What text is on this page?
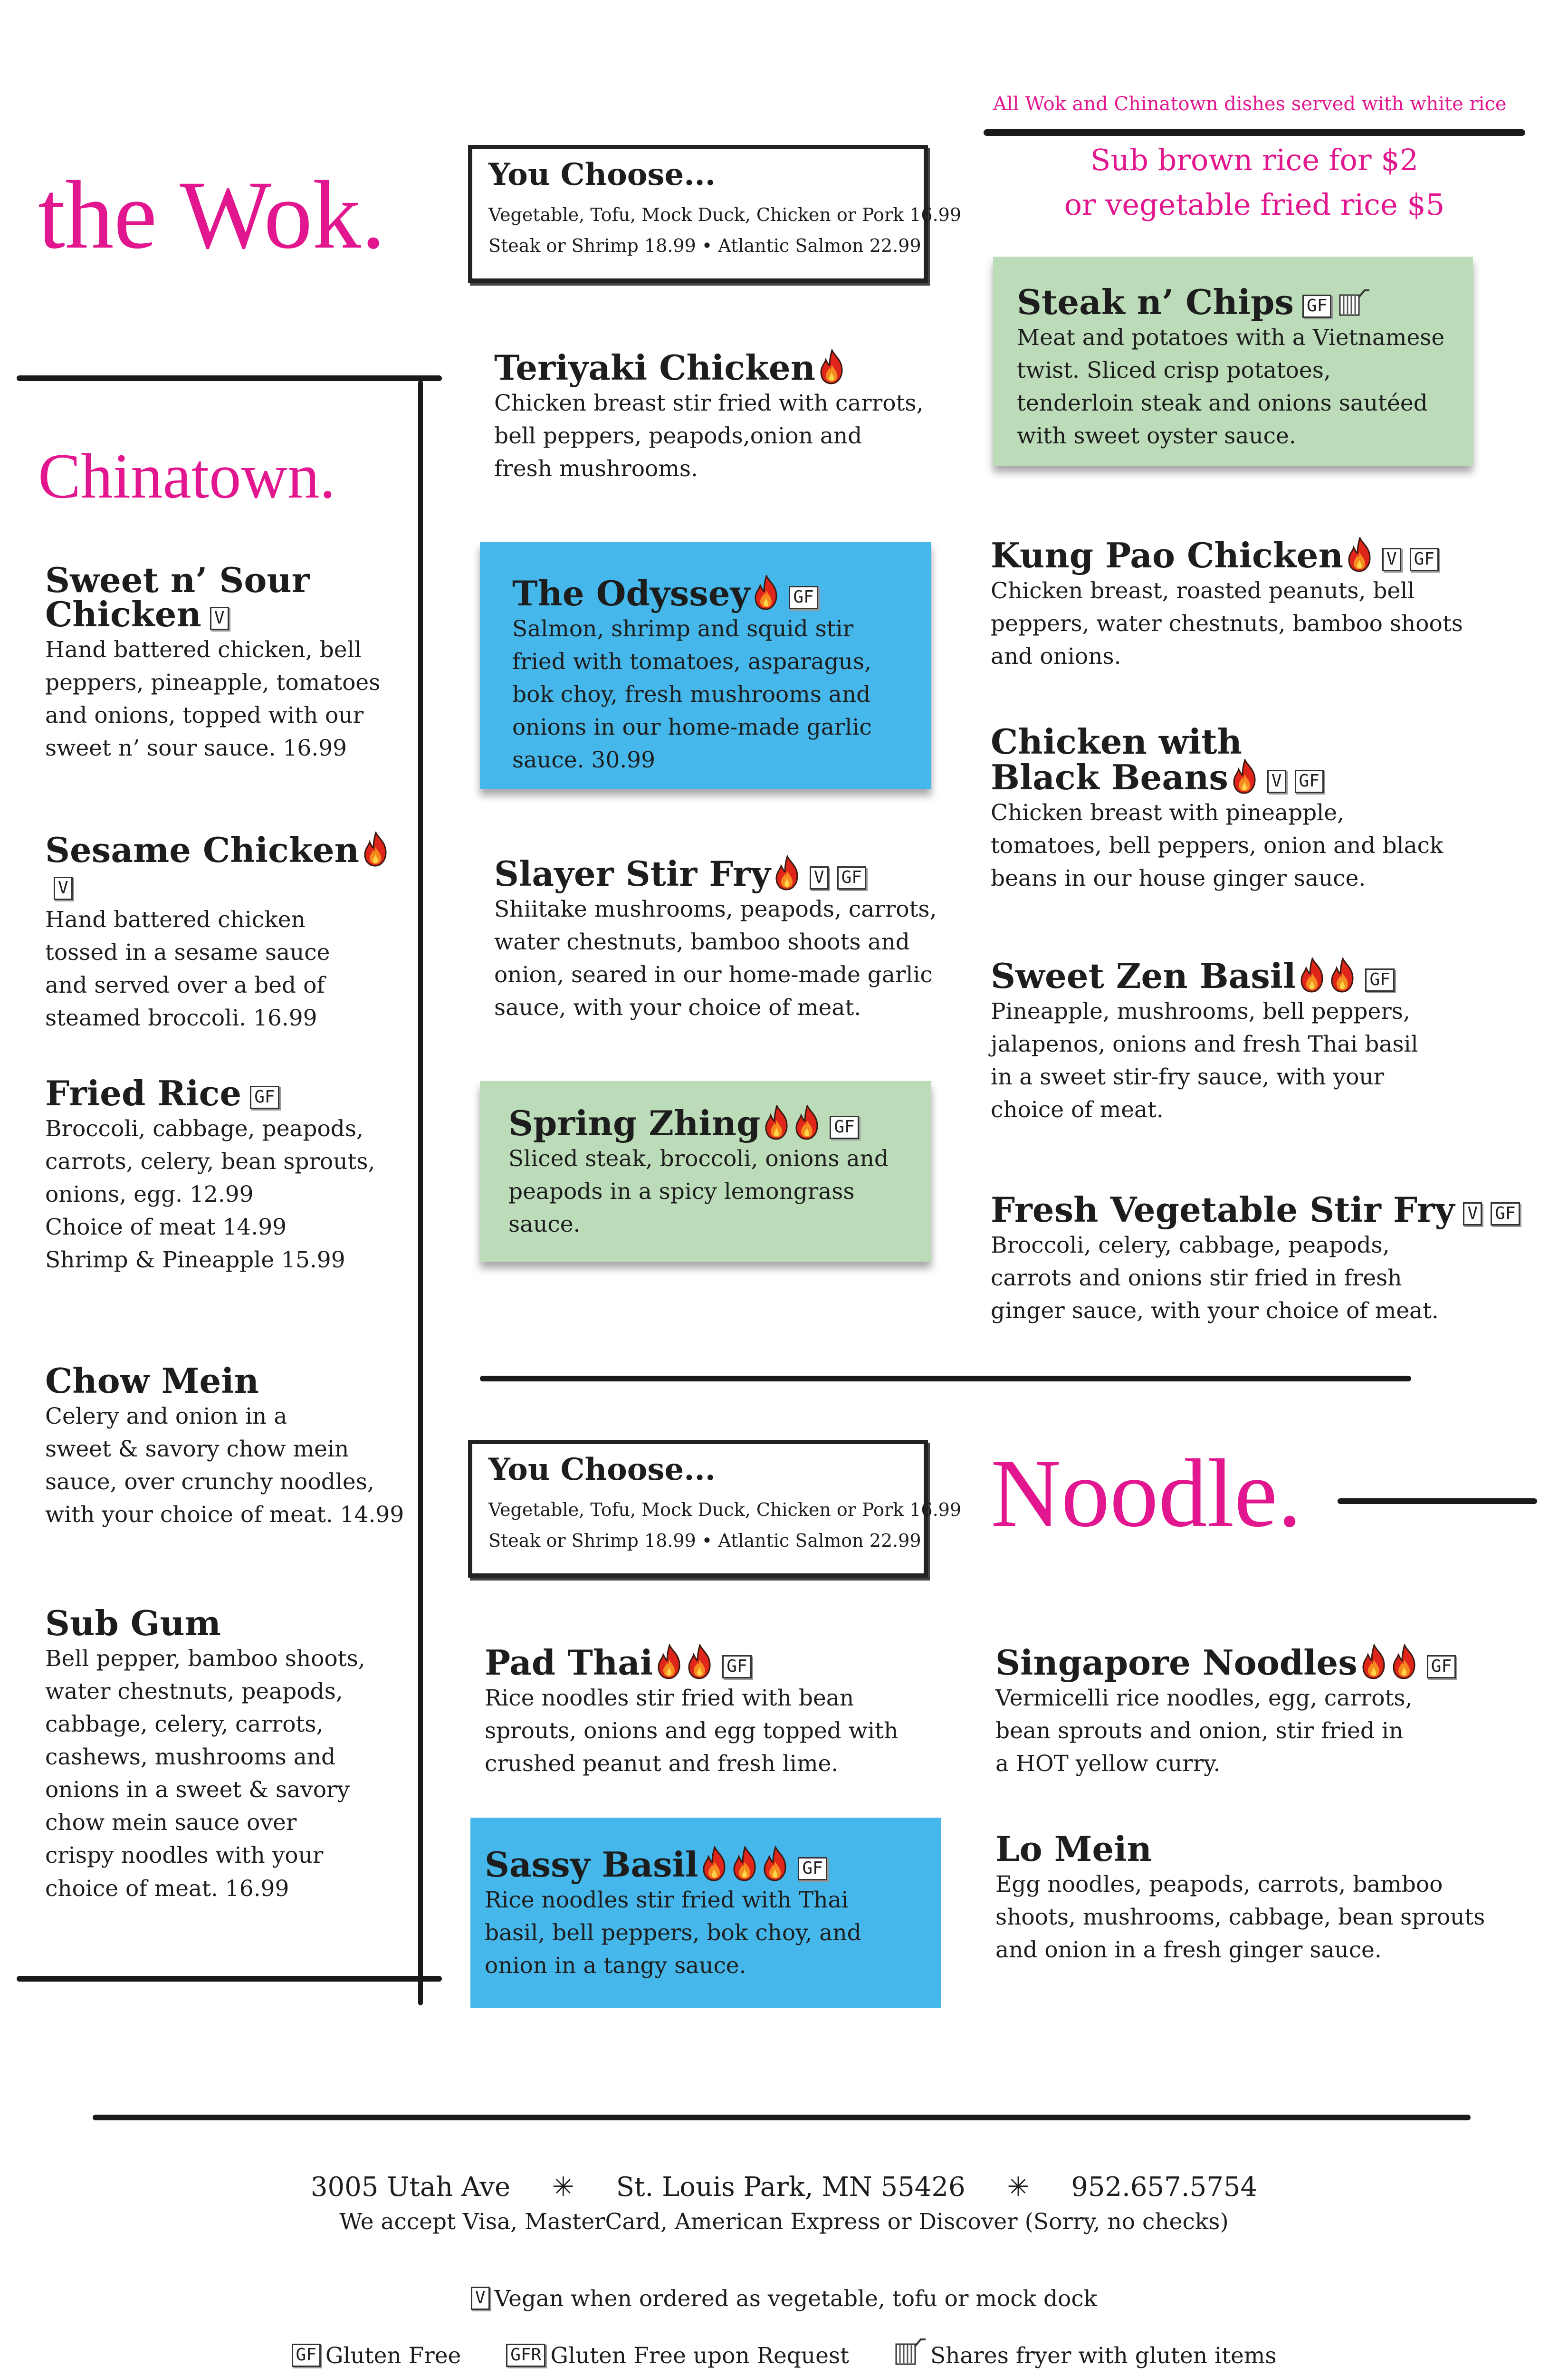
All Wok and Chinatown dishes served with white rice
Sub brown rice for $2
or vegetable fried rice $5
the Wok.
Chinatown.
Noodle.

You Choose...

Vegetable, Tofu, Mock Duck, Chicken or Pork 16.99

Steak or Shrimp 18.99 • Atlantic Salmon 22.99

You Choose...

Vegetable, Tofu, Mock Duck, Chicken or Pork 16.99

Steak or Shrimp 18.99 • Atlantic Salmon 22.99

Sweet n’ Sour

Chicken V

Hand battered chicken, bell
peppers, pineapple, tomatoes
and onions, topped with our
sweet n’ sour sauce. 16.99

Sesame ChickenV

Hand battered chicken
tossed in a sesame sauce
and served over a bed of
steamed broccoli. 16.99

Fried Rice GF

Broccoli, cabbage, peapods,
carrots, celery, bean sprouts,
onions, egg. 12.99
Choice of meat 14.99
Shrimp & Pineapple 15.99

Chow Mein

Celery and onion in a
sweet & savory chow mein
sauce, over crunchy noodles,
with your choice of meat. 14.99

Sub Gum

Bell pepper, bamboo shoots,
water chestnuts, peapods,
cabbage, celery, carrots,
cashews, mushrooms and
onions in a sweet & savory
chow mein sauce over
crispy noodles with your
choice of meat. 16.99

Teriyaki Chicken

Chicken breast stir fried with carrots,
bell peppers, peapods,onion and
fresh mushrooms.

The Odyssey	GF

Salmon, shrimp and squid stir
fried with tomatoes, asparagus,
bok choy, fresh mushrooms and
onions in our home-made garlic
sauce. 30.99

Slayer Stir Fry	V GF

Shiitake mushrooms, peapods, carrots,
water chestnuts, bamboo shoots and
onion, seared in our home-made garlic
sauce, with your choice of meat.

Spring Zhing	GF

Sliced steak, broccoli, onions and
peapods in a spicy lemongrass
sauce.

Steak n’ Chips GF

Meat and potatoes with a Vietnamese
twist. Sliced crisp potatoes,
tenderloin steak and onions sautéed
with sweet oyster sauce.

Kung Pao Chicken	V GF

Chicken breast, roasted peanuts, bell
peppers, water chestnuts, bamboo shoots
and onions.

Chicken with

Black Beans	V GF

Chicken breast with pineapple,
tomatoes, bell peppers, onion and black
beans in our house ginger sauce.

Sweet Zen Basil	GF

Pineapple, mushrooms, bell peppers,
jalapenos, onions and fresh Thai basil
in a sweet stir-fry sauce, with your
choice of meat.

Fresh Vegetable Stir Fry V GF

Broccoli, celery, cabbage, peapods,
carrots and onions stir fried in fresh
ginger sauce, with your choice of meat.

Pad Thai	GF

Rice noodles stir fried with bean
sprouts, onions and egg topped with
crushed peanut and fresh lime.

Sassy Basil	GF

Rice noodles stir fried with Thai
basil, bell peppers, bok choy, and
onion in a tangy sauce.

Singapore Noodles	GF

Vermicelli rice noodles, egg, carrots,
bean sprouts and onion, stir fried in
a HOT yellow curry.

Lo Mein

Egg noodles, peapods, carrots, bamboo
shoots, mushrooms, cabbage, bean sprouts
and onion in a fresh ginger sauce.

3005 Utah Ave ✳ St. Louis Park, MN 55426 ✳ 952.657.5754
We accept Visa, MasterCard, American Express or Discover (Sorry, no checks)
V Vegan when ordered as vegetable, tofu or mock dock
GF Gluten Free	GFR Gluten Free upon Request	Shares fryer with gluten items
